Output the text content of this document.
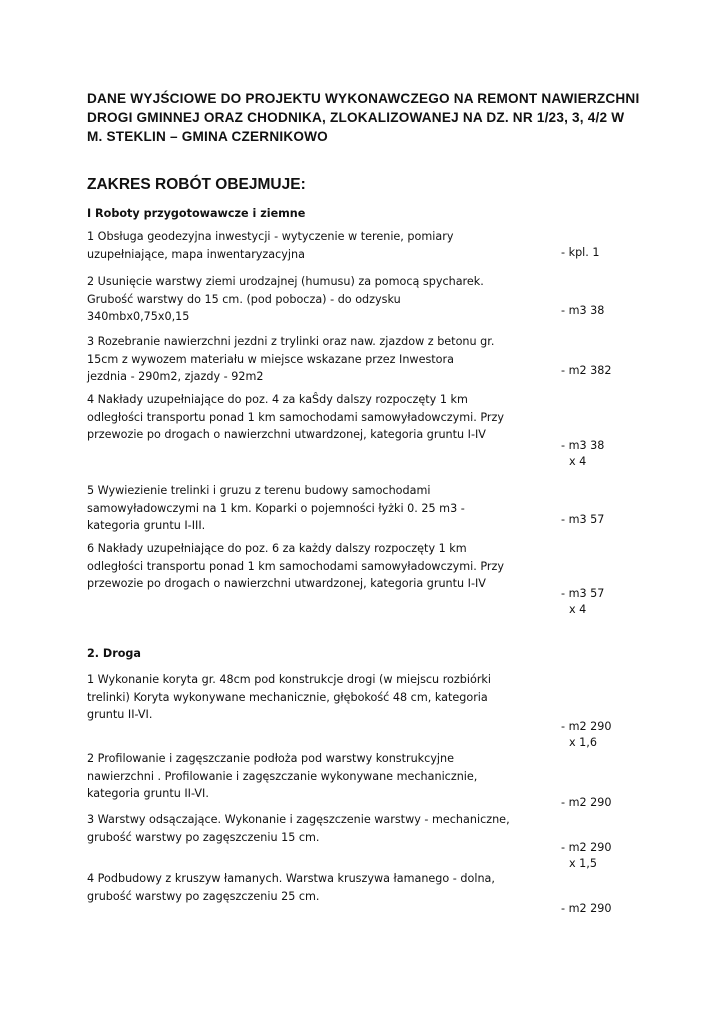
DANE WYJŚCIOWE DO PROJEKTU WYKONAWCZEGO NA REMONT NAWIERZCHNI
DROGI GMINNEJ ORAZ CHODNIKA, ZLOKALIZOWANEJ NA DZ. NR 1/23, 3, 4/2 W
M. STEKLIN – GMINA CZERNIKOWO
ZAKRES ROBÓT OBEJMUJE:
I Roboty przygotowawcze i ziemne
1 Obsługa geodezyjna inwestycji - wytyczenie w terenie, pomiary
uzupełniające, mapa inwentaryzacyjna	- kpl. 1
2 Usunięcie warstwy ziemi urodzajnej (humusu) za pomocą spycharek.
Grubość warstwy do 15 cm. (pod pobocza) - do odzysku
340mbx0,75x0,15	- m3 38
3 Rozebranie nawierzchni jezdni z trylinki oraz naw. zjazdow z betonu gr.
15cm z wywozem materiału w miejsce wskazane przez Inwestora
jezdnia - 290m2, zjazdy - 92m2	- m2 382
4 Nakłady uzupełniające do poz. 4 za kaŜdy dalszy rozpoczęty 1 km
odległości transportu ponad 1 km samochodami samowyładowczymi. Przy
przewozie po drogach o nawierzchni utwardzonej, kategoria gruntu I-IV
- m3 38
x 4
5 Wywiezienie trelinki i gruzu z terenu budowy samochodami
samowyładowczymi na 1 km. Koparki o pojemności łyżki 0. 25 m3 -
kategoria gruntu I-III.	- m3 57
6 Nakłady uzupełniające do poz. 6 za każdy dalszy rozpoczęty 1 km
odległości transportu ponad 1 km samochodami samowyładowczymi. Przy
przewozie po drogach o nawierzchni utwardzonej, kategoria gruntu I-IV
- m3 57
x 4
2. Droga
1 Wykonanie koryta gr. 48cm pod konstrukcje drogi (w miejscu rozbiórki
trelinki) Koryta wykonywane mechanicznie, głębokość 48 cm, kategoria
gruntu II-VI.
- m2 290
x 1,6
2 Profilowanie i zagęszczanie podłoża pod warstwy konstrukcyjne
nawierzchni . Profilowanie i zagęszczanie wykonywane mechanicznie,
kategoria gruntu II-VI.
- m2 290
3 Warstwy odsączające. Wykonanie i zagęszczenie warstwy - mechaniczne,
grubość warstwy po zagęszczeniu 15 cm.
- m2 290
x 1,5
4 Podbudowy z kruszyw łamanych. Warstwa kruszywa łamanego - dolna,
grubość warstwy po zagęszczeniu 25 cm.
- m2 290
